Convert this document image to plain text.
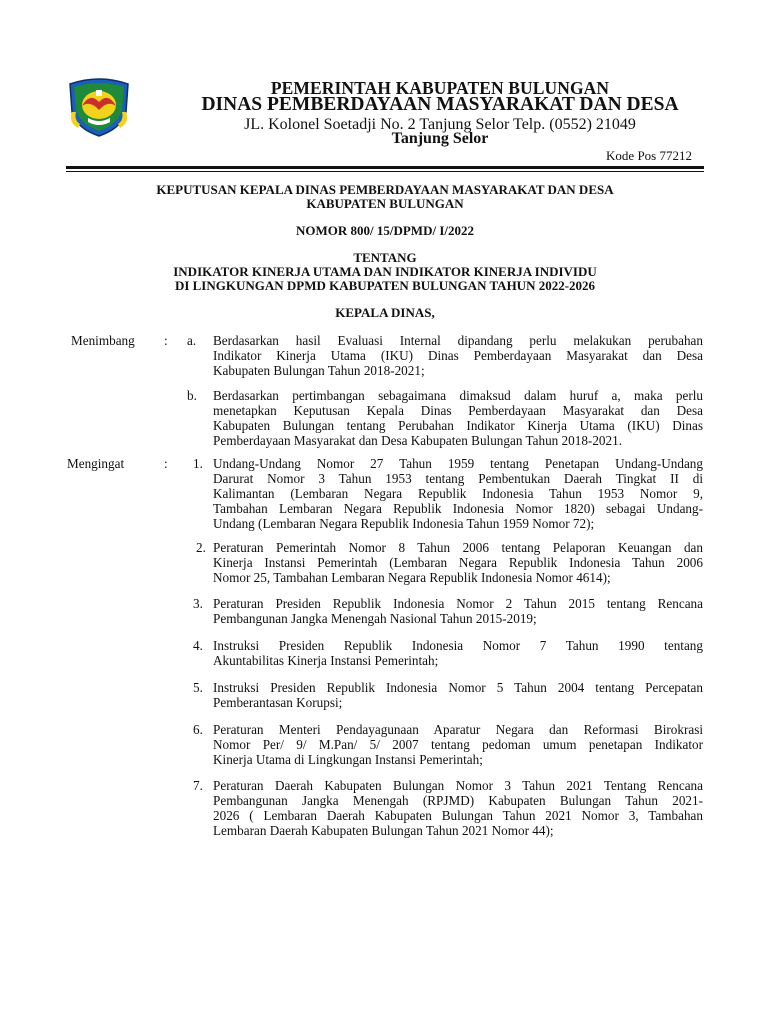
PEMERINTAH KABUPATEN BULUNGAN
DINAS PEMBERDAYAAN MASYARAKAT DAN DESA
JL. Kolonel Soetadji No. 2 Tanjung Selor Telp. (0552) 21049
Tanjung Selor
Kode Pos 77212
KEPUTUSAN KEPALA DINAS PEMBERDAYAAN MASYARAKAT DAN DESA
KABUPATEN BULUNGAN
NOMOR 800/ 15/DPMD/ I/2022
TENTANG
INDIKATOR KINERJA UTAMA DAN INDIKATOR KINERJA INDIVIDU
DI LINGKUNGAN DPMD KABUPATEN BULUNGAN TAHUN 2022-2026
KEPALA DINAS,
Menimbang : a. Berdasarkan hasil Evaluasi Internal dipandang perlu melakukan perubahan
Indikator Kinerja Utama (IKU) Dinas Pemberdayaan Masyarakat dan Desa
Kabupaten Bulungan Tahun 2018-2021;
b. Berdasarkan pertimbangan sebagaimana dimaksud dalam huruf a, maka perlu
menetapkan Keputusan Kepala Dinas Pemberdayaan Masyarakat dan Desa
Kabupaten Bulungan tentang Perubahan Indikator Kinerja Utama (IKU) Dinas
Pemberdayaan Masyarakat dan Desa Kabupaten Bulungan Tahun 2018-2021.
Mengingat	: 1. Undang-Undang Nomor 27 Tahun 1959 tentang Penetapan Undang-Undang
Darurat Nomor 3 Tahun 1953 tentang Pembentukan Daerah Tingkat II di
Kalimantan (Lembaran Negara Republik Indonesia Tahun 1953 Nomor 9,
Tambahan Lembaran Negara Republik Indonesia Nomor 1820) sebagai Undang-
Undang (Lembaran Negara Republik Indonesia Tahun 1959 Nomor 72);
2. Peraturan Pemerintah Nomor 8 Tahun 2006 tentang Pelaporan Keuangan dan
Kinerja Instansi Pemerintah (Lembaran Negara Republik Indonesia Tahun 2006
Nomor 25, Tambahan Lembaran Negara Republik Indonesia Nomor 4614);
3. Peraturan Presiden Republik Indonesia Nomor 2 Tahun 2015 tentang Rencana
Pembangunan Jangka Menengah Nasional Tahun 2015-2019;
4. Instruksi Presiden Republik Indonesia Nomor 7 Tahun 1990 tentang
Akuntabilitas Kinerja Instansi Pemerintah;
5. Instruksi Presiden Republik Indonesia Nomor 5 Tahun 2004 tentang Percepatan
Pemberantasan Korupsi;
6. Peraturan Menteri Pendayagunaan Aparatur Negara dan Reformasi Birokrasi
Nomor Per/ 9/ M.Pan/ 5/ 2007 tentang pedoman umum penetapan Indikator
Kinerja Utama di Lingkungan Instansi Pemerintah;
7. Peraturan Daerah Kabupaten Bulungan Nomor 3 Tahun 2021 Tentang Rencana
Pembangunan Jangka Menengah (RPJMD) Kabupaten Bulungan Tahun 2021-
2026 ( Lembaran Daerah Kabupaten Bulungan Tahun 2021 Nomor 3, Tambahan
Lembaran Daerah Kabupaten Bulungan Tahun 2021 Nomor 44);
